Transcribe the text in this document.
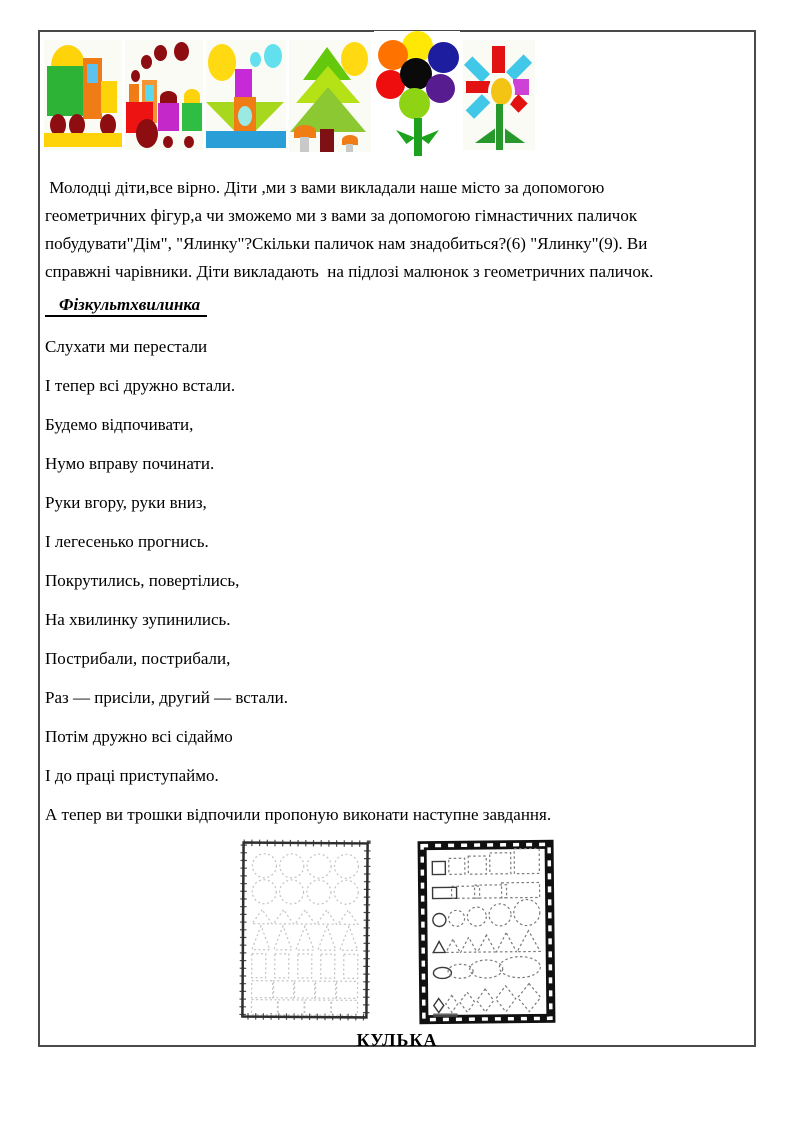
Молодці діти,все вірно. Діти ,ми з вами викладали наше місто за допомогою
геометричних фігур,а чи зможемо ми з вами за допомогою гімнастичних паличок
побудувати"Дім", "Ялинку"?Скільки паличок нам знадобиться?(6) "Ялинку"(9). Ви
справжні чарівники. Діти викладають  на підлозі малюнок з геометричних паличок.
Фізкультхвилинка

Слухати ми перестали

І тепер всі дружно встали.

Будемо відпочивати,

Нумо вправу починати.

Руки вгору, руки вниз,

І легесенько прогнись.

Покрутились, повертілись,

На хвилинку зупинились.

Пострибали, пострибали,

Раз — присіли, другий — встали.

Потім дружно всі сідаймо

І до праці приступаймо.

А тепер ви трошки відпочили пропоную виконати наступне завдання.

КУЛЬКА
